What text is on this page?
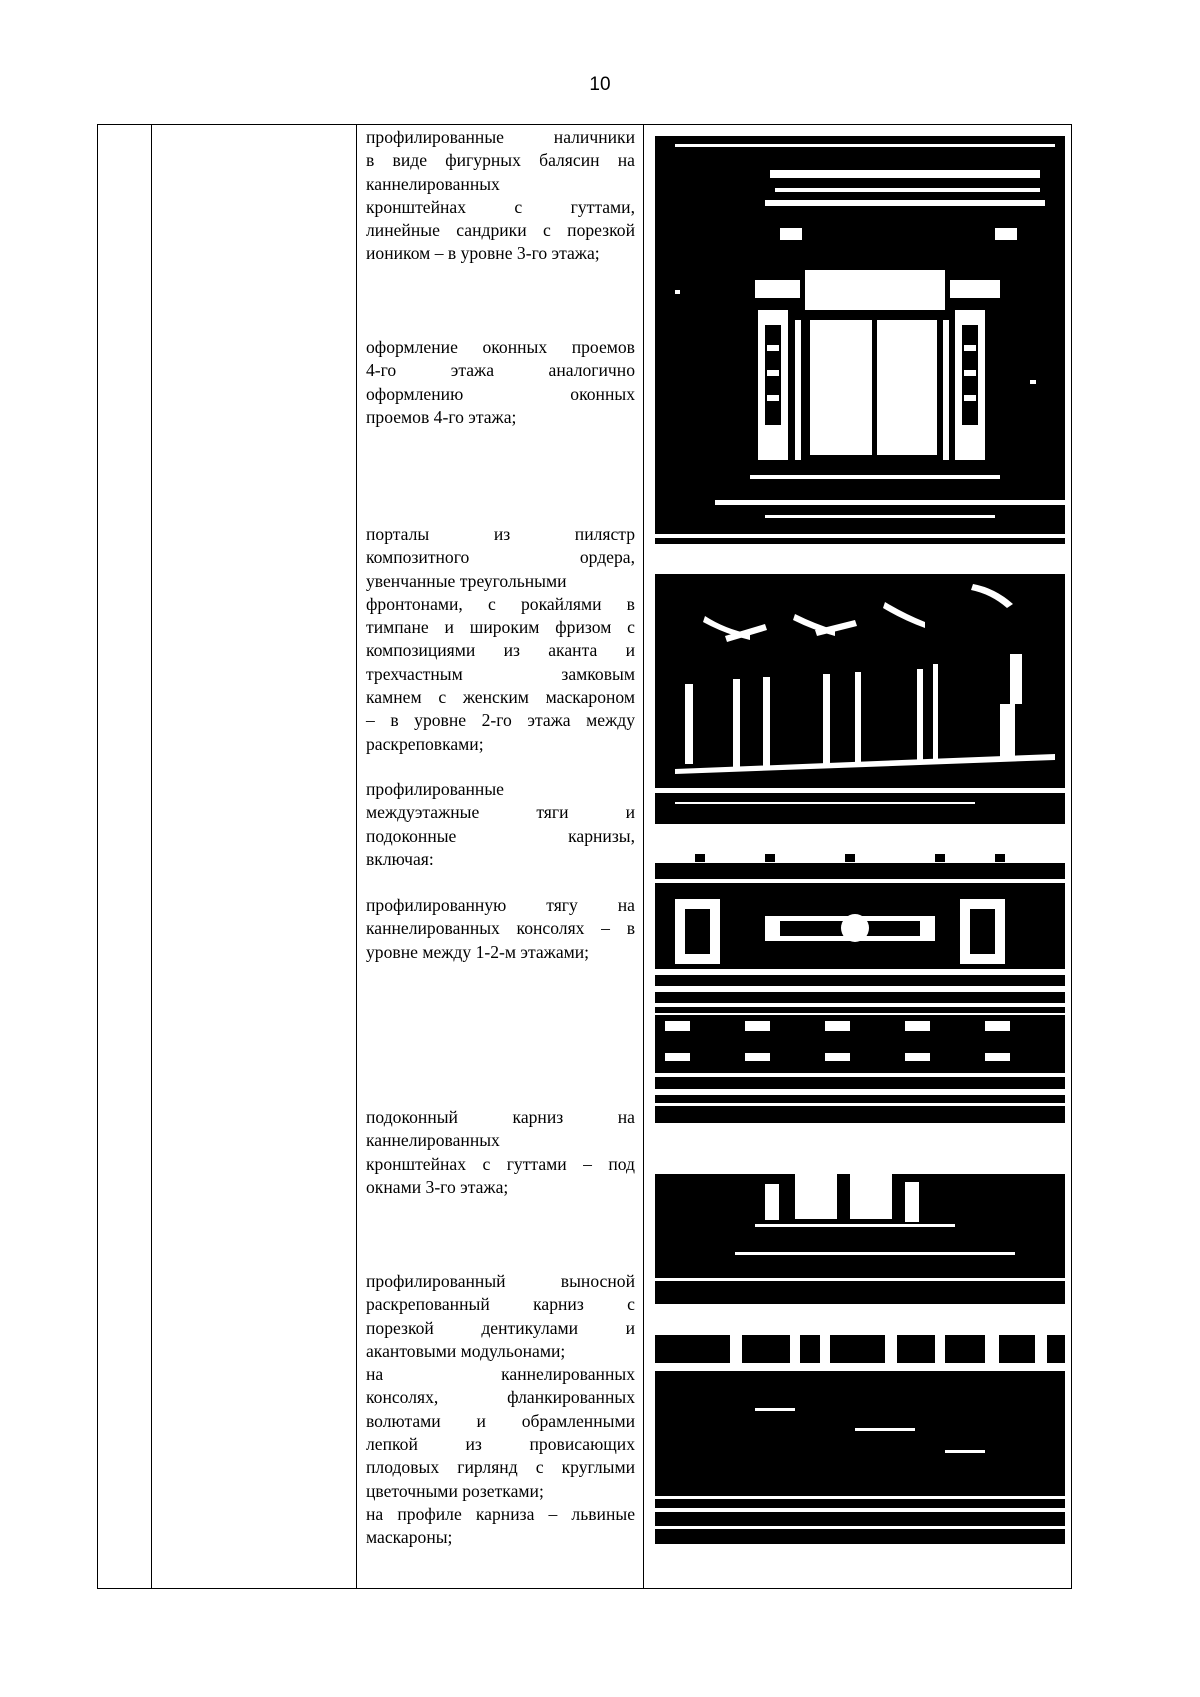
10
профилированные наличники
в виде фигурных балясин на
каннелированных
кронштейнах с гуттами,
линейные сандрики с порезкой
иоником – в уровне 3-го этажа;
оформление оконных проемов
4-го этажа аналогично
оформлению оконных
проемов 4-го этажа;
порталы из пилястр
композитного ордера,
увенчанные треугольными
фронтонами, с рокайлями в
тимпане и широким фризом с
композициями из аканта и
трехчастным замковым
камнем с женским маскароном
– в уровне 2-го этажа между
раскреповками;
профилированные
междуэтажные тяги и
подоконные карнизы,
включая:
профилированную тягу на
каннелированных консолях – в
уровне между 1-2-м этажами;
подоконный карниз на
каннелированных
кронштейнах с гуттами – под
окнами 3-го этажа;
профилированный выносной
раскрепованный карниз с
порезкой дентикулами и
акантовыми модульонами;
на каннелированных
консолях, фланкированных
волютами и обрамленными
лепкой из провисающих
плодовых гирлянд с круглыми
цветочными розетками;
на профиле карниза – львиные
маскароны;
